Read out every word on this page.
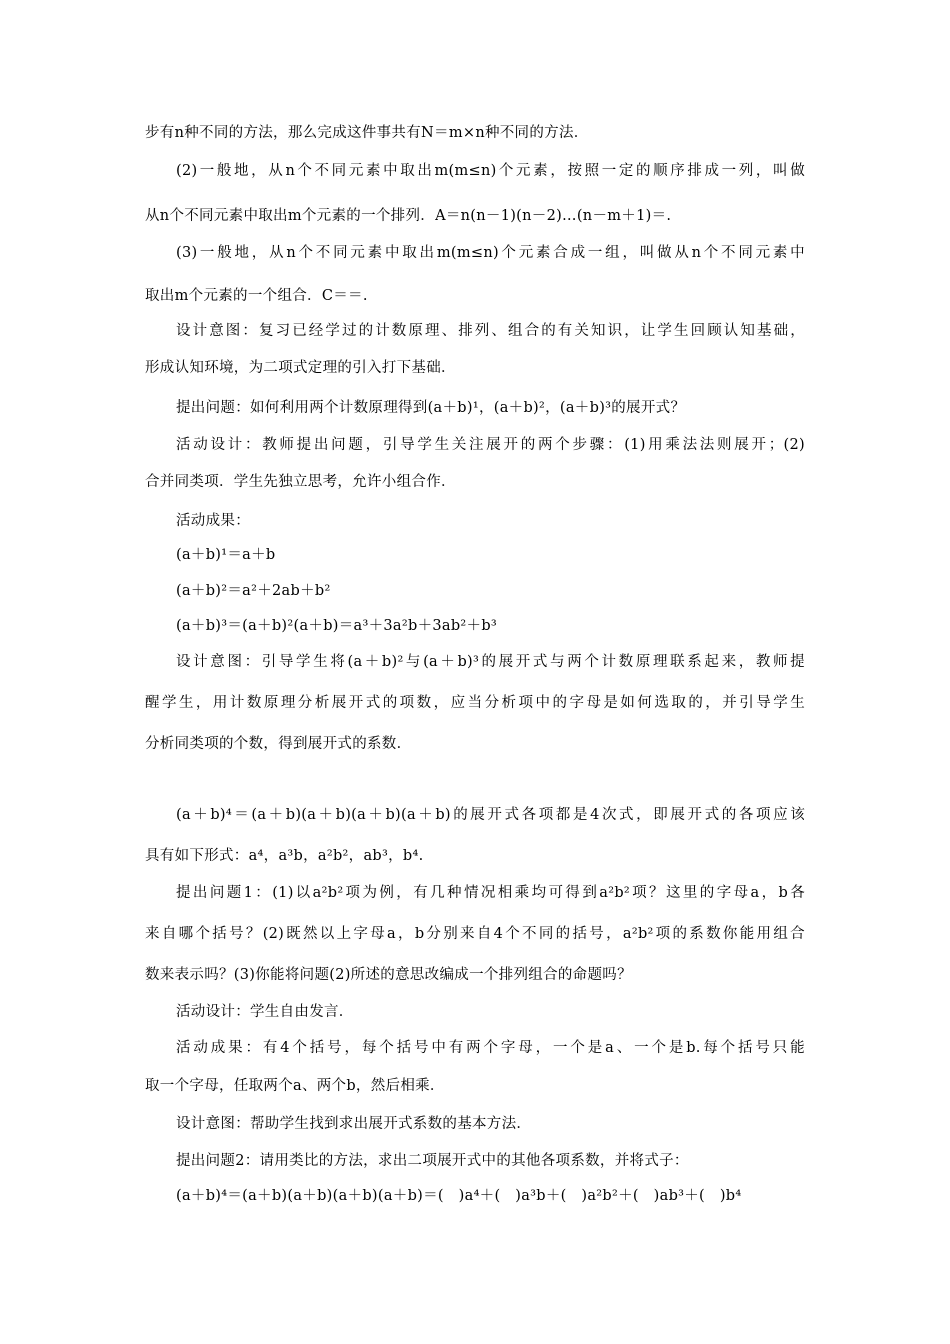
步有n种不同的方法，那么完成这件事共有N＝m×n种不同的方法．
(2)一般地，从n个不同元素中取出m(m≤n)个元素，按照一定的顺序排成一列，叫做
从n个不同元素中取出m个元素的一个排列．A＝n(n－1)(n－2)…(n－m＋1)＝.
(3)一般地，从n个不同元素中取出m(m≤n)个元素合成一组，叫做从n个不同元素中
取出m个元素的一个组合．C＝＝.
设计意图：复习已经学过的计数原理、排列、组合的有关知识，让学生回顾认知基础，
形成认知环境，为二项式定理的引入打下基础．
提出问题：如何利用两个计数原理得到(a＋b)¹，(a＋b)²，(a＋b)³的展开式？
活动设计：教师提出问题，引导学生关注展开的两个步骤：(1)用乘法法则展开；(2)
合并同类项．学生先独立思考，允许小组合作．
活动成果：
(a＋b)¹＝a＋b
(a＋b)²＝a²＋2ab＋b²
(a＋b)³＝(a＋b)²(a＋b)＝a³＋3a²b＋3ab²＋b³
设计意图：引导学生将(a＋b)²与(a＋b)³的展开式与两个计数原理联系起来，教师提
醒学生，用计数原理分析展开式的项数，应当分析项中的字母是如何选取的，并引导学生
分析同类项的个数，得到展开式的系数．
(a＋b)⁴＝(a＋b)(a＋b)(a＋b)(a＋b)的展开式各项都是4次式，即展开式的各项应该
具有如下形式：a⁴，a³b，a²b²，ab³，b⁴.
提出问题1：(1)以a²b²项为例，有几种情况相乘均可得到a²b²项？这里的字母a，b各
来自哪个括号？(2)既然以上字母a，b分别来自4个不同的括号，a²b²项的系数你能用组合
数来表示吗？(3)你能将问题(2)所述的意思改编成一个排列组合的命题吗？
活动设计：学生自由发言．
活动成果：有4个括号，每个括号中有两个字母，一个是a、一个是b.每个括号只能
取一个字母，任取两个a、两个b，然后相乘．
设计意图：帮助学生找到求出展开式系数的基本方法．
提出问题2：请用类比的方法，求出二项展开式中的其他各项系数，并将式子：
(a＋b)⁴＝(a＋b)(a＋b)(a＋b)(a＋b)＝(　)a⁴＋(　)a³b＋(　)a²b²＋(　)ab³＋(　)b⁴
